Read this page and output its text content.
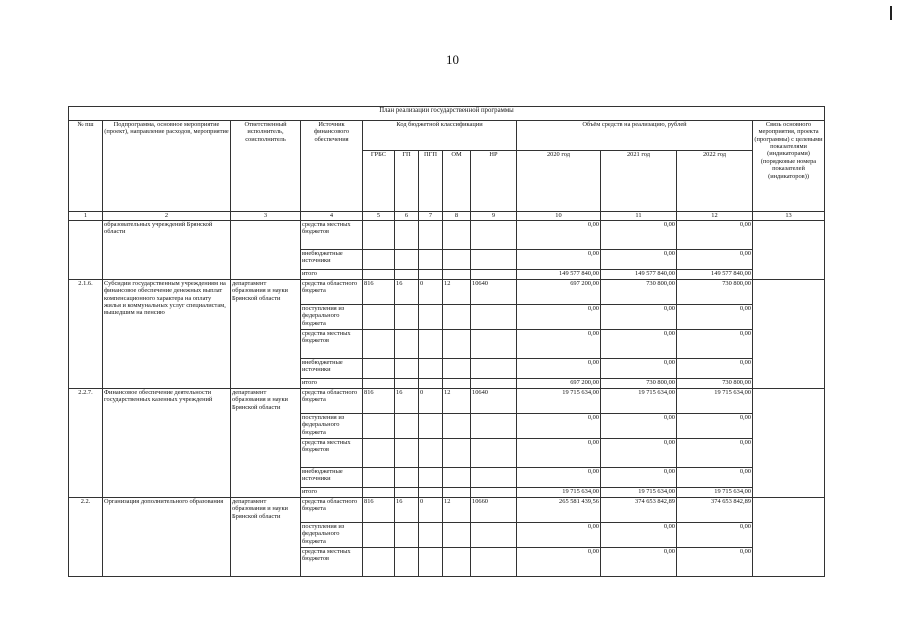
10
План реализации государственной программы												
№ пш	Подпрограмма, основное мероприятие (проект), направление расходов, мероприятие	Ответственный исполнитель, соисполнитель	Источник финансового обеспечения	Код бюджетной классификации					Объём средств на реализацию, рублей			Связь основного мероприятия, проекта (программы) с целевыми показателями (индикаторами) (порядковые номера показателей (индикаторов))
				ГРБС	ГП	ПГП	ОМ	НР	2020 год	2021 год	2022 год	
1	2	3	4	5	6	7	8	9	10	11	12	13
	образовательных учреждений Брянской области		средства местных бюджетов						0,00	0,00	0,00	
			внебюджетные источники						0,00	0,00	0,00	
			итого						149 577 840,00	149 577 840,00	149 577 840,00	
2.1.6.	Субсидии государственным учреждениям на финансовое обеспечение денежных выплат компенсационного характера на оплату жилья и коммунальных услуг специалистам, вышедшим на пенсию	департамент образования и науки Брянской области	средства областного бюджета	816	16	0	12	10640	697 200,00	730 800,00	730 800,00	
			поступления из федерального бюджета						0,00	0,00	0,00	
			средства местных бюджетов						0,00	0,00	0,00	
			внебюджетные источники						0,00	0,00	0,00	
			итого						697 200,00	730 800,00	730 800,00	
2.2.7.	Финансовое обеспечение деятельности государственных казенных учреждений	департамент образования и науки Брянской области	средства областного бюджета	816	16	0	12	10640	19 715 634,00	19 715 634,00	19 715 634,00	
			поступления из федерального бюджета						0,00	0,00	0,00	
			средства местных бюджетов						0,00	0,00	0,00	
			внебюджетные источники						0,00	0,00	0,00	
			итого						19 715 634,00	19 715 634,00	19 715 634,00	
2.2.	Организация дополнительного образования	департамент образования и науки Брянской области	средства областного бюджета	816	16	0	12	10660	265 581 439,56	374 653 842,89	374 653 842,89	
			поступления из федерального бюджета						0,00	0,00	0,00	
			средства местных бюджетов						0,00	0,00	0,00	
